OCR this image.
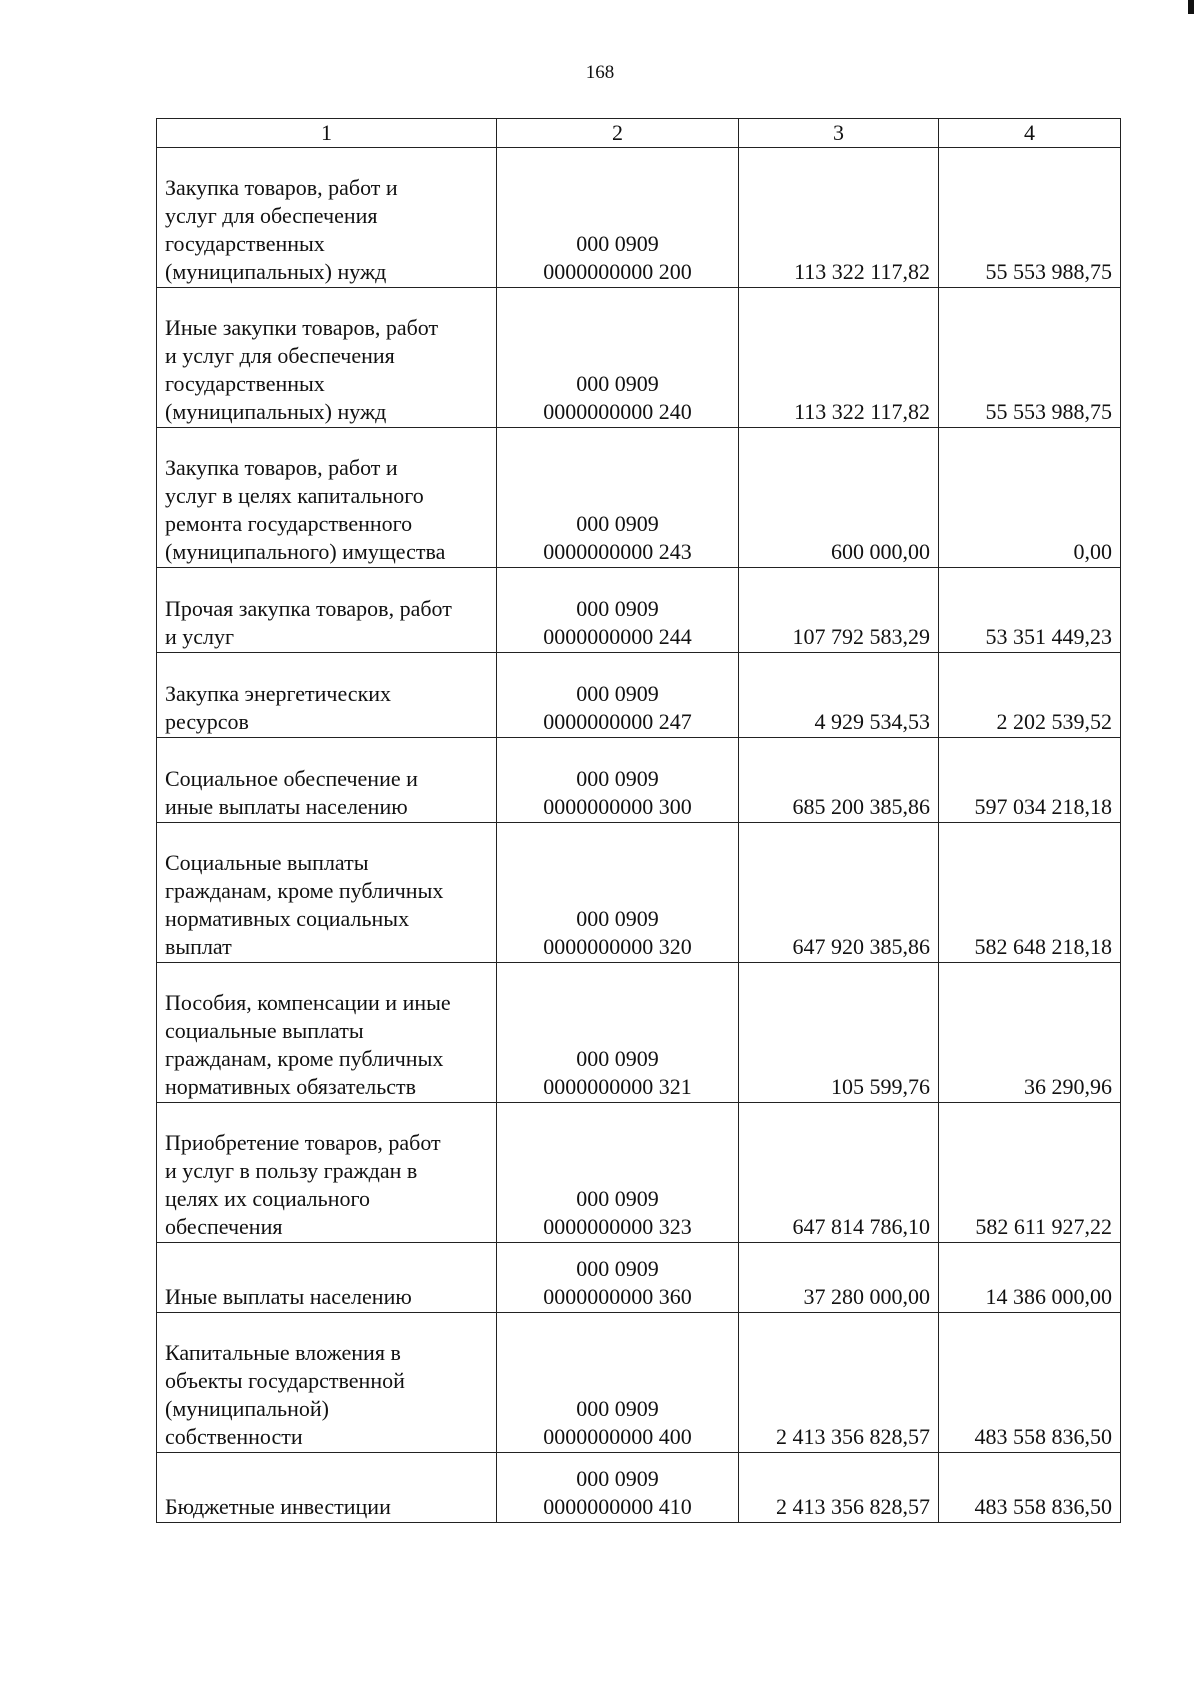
168
1	2	3	4

Закупка товаров, работ и
услуг для обеспечения
государственных
(муниципальных) нужд	000 0909
0000000000 200	113 322 117,82	55 553 988,75

Иные закупки товаров, работ
и услуг для обеспечения
государственных
(муниципальных) нужд	000 0909
0000000000 240	113 322 117,82	55 553 988,75

Закупка товаров, работ и
услуг в целях капитального
ремонта государственного
(муниципального) имущества	000 0909
0000000000 243	600 000,00	0,00

Прочая закупка товаров, работ
и услуг	000 0909
0000000000 244	107 792 583,29	53 351 449,23

Закупка энергетических
ресурсов	000 0909
0000000000 247	4 929 534,53	2 202 539,52

Социальное обеспечение и
иные выплаты населению	000 0909
0000000000 300	685 200 385,86	597 034 218,18

Социальные выплаты
гражданам, кроме публичных
нормативных социальных
выплат	000 0909
0000000000 320	647 920 385,86	582 648 218,18

Пособия, компенсации и иные
социальные выплаты
гражданам, кроме публичных
нормативных обязательств	000 0909
0000000000 321	105 599,76	36 290,96

Приобретение товаров, работ
и услуг в пользу граждан в
целях их социального
обеспечения	000 0909
0000000000 323	647 814 786,10	582 611 927,22

Иные выплаты населению	000 0909
0000000000 360	37 280 000,00	14 386 000,00

Капитальные вложения в
объекты государственной
(муниципальной)
собственности	000 0909
0000000000 400	2 413 356 828,57	483 558 836,50

Бюджетные инвестиции	000 0909
0000000000 410	2 413 356 828,57	483 558 836,50
